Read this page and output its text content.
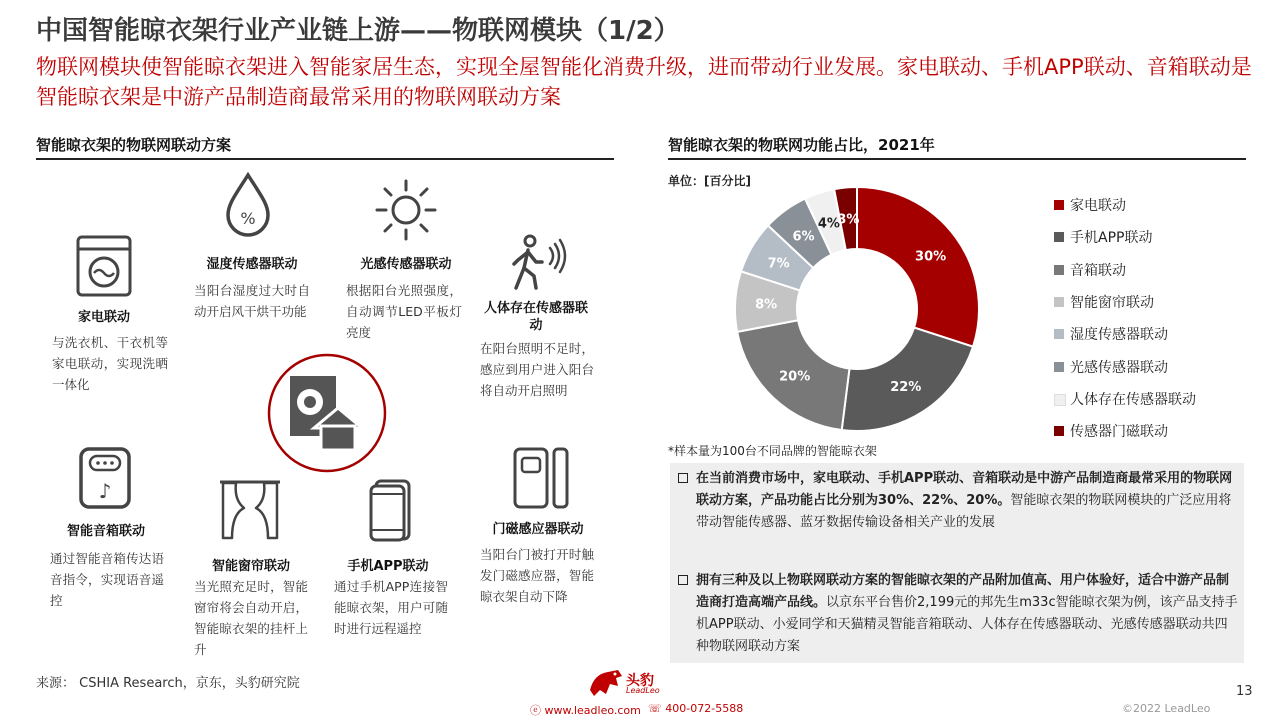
中国智能晾衣架行业产业链上游——物联网模块（1/2）
物联网模块使智能晾衣架进入智能家居生态，实现全屋智能化消费升级，进而带动行业发展。家电联动、手机APP联动、音箱联动是智能晾衣架是中游产品制造商最常采用的物联网联动方案
智能晾衣架的物联网联动方案
家电联动
与洗衣机、干衣机等家电联动，实现洗晒一体化
%
湿度传感器联动
当阳台湿度过大时自动开启风干烘干功能
光感传感器联动
根据阳台光照强度，自动调节LED平板灯亮度
人体存在传感器联动
在阳台照明不足时，感应到用户进入阳台将自动开启照明
♪
智能音箱联动
通过智能音箱传达语音指令，实现语音遥控
智能窗帘联动
当光照充足时，智能窗帘将会自动开启，智能晾衣架的挂杆上升
手机APP联动
通过手机APP连接智能晾衣架，用户可随时进行远程遥控
门磁感应器联动
当阳台门被打开时触发门磁感应器，智能晾衣架自动下降
智能晾衣架的物联网功能占比，2021年
单位：[百分比]
30%
22%
20%
8%
7%
6%
4%
3%
家电联动
手机APP联动
音箱联动
智能窗帘联动
湿度传感器联动
光感传感器联动
人体存在传感器联动
传感器门磁联动
*样本量为100台不同品牌的智能晾衣架
在当前消费市场中，家电联动、手机APP联动、音箱联动是中游产品制造商最常采用的物联网联动方案，产品功能占比分别为30%、22%、20%。智能晾衣架的物联网模块的广泛应用将带动智能传感器、蓝牙数据传输设备相关产业的发展
拥有三种及以上物联网联动方案的智能晾衣架的产品附加值高、用户体验好，适合中游产品制造商打造高端产品线。以京东平台售价2,199元的邦先生m33c智能晾衣架为例，该产品支持手机APP联动、小爱同学和天猫精灵智能音箱联动、人体存在传感器联动、光感传感器联动共四种物联网联动方案
来源： CSHIA Research，京东，头豹研究院	头豹
LeadLeo
ⓔ www.leadleo.com ☏ 400-072-5588
13
©2022 LeadLeo
